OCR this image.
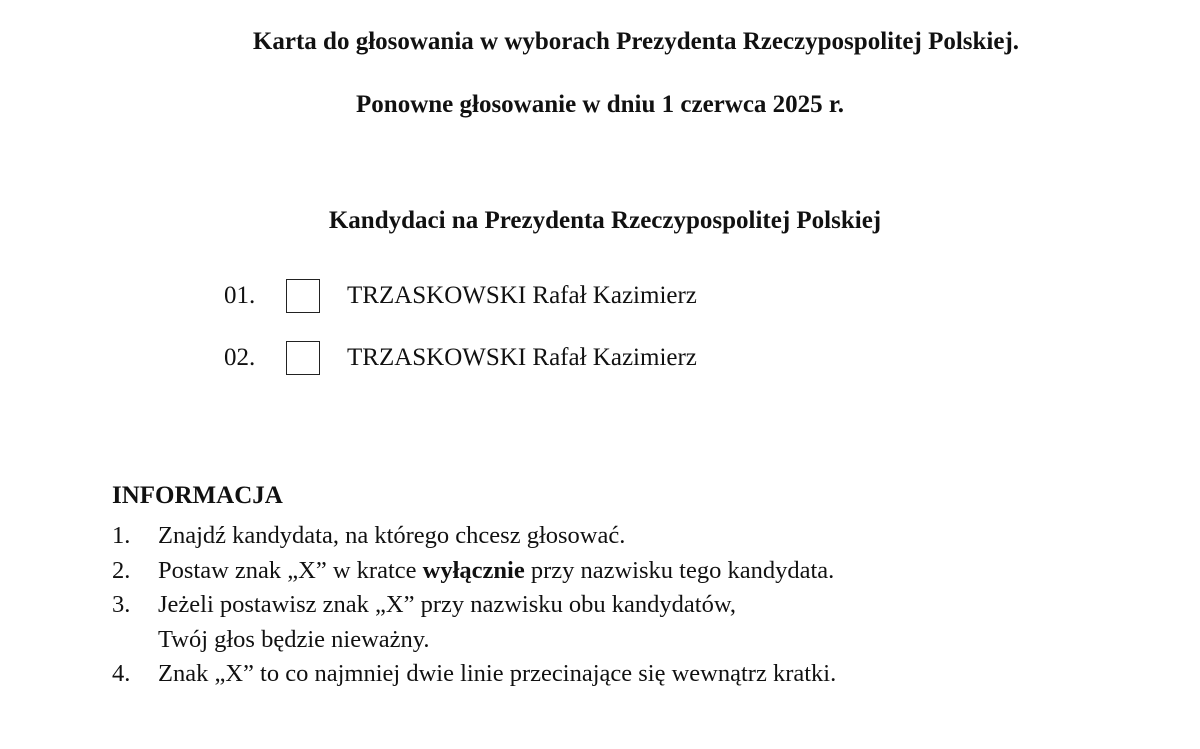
Karta do głosowania w wyborach Prezydenta Rzeczypospolitej Polskiej.
Ponowne głosowanie w dniu 1 czerwca 2025 r.
Kandydaci na Prezydenta Rzeczypospolitej Polskiej
01.	TRZASKOWSKI Rafał Kazimierz
02.	TRZASKOWSKI Rafał Kazimierz
INFORMACJA
1.	Znajdź kandydata, na którego chcesz głosować.
2.	Postaw znak „X” w kratce wyłącznie przy nazwisku tego kandydata.
3.	Jeżeli postawisz znak „X” przy nazwisku obu kandydatów,
Twój głos będzie nieważny.
4.	Znak „X” to co najmniej dwie linie przecinające się wewnątrz kratki.
